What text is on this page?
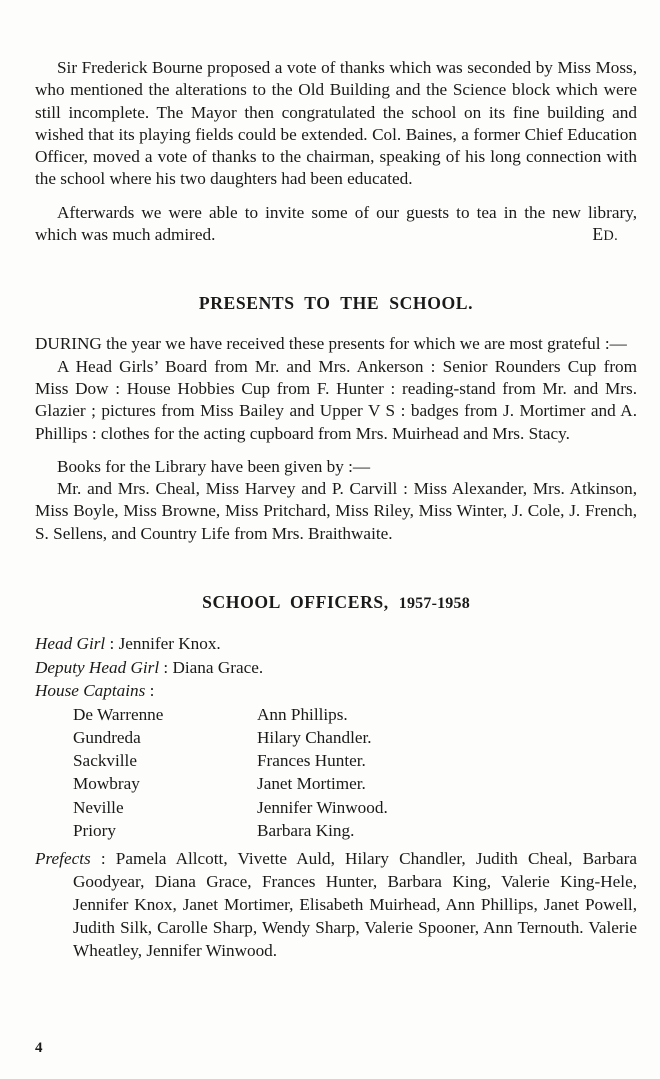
Sir Frederick Bourne proposed a vote of thanks which was seconded by Miss Moss, who mentioned the alterations to the Old Building and the Science block which were still incomplete. The Mayor then congratulated the school on its fine building and wished that its playing fields could be extended. Col. Baines, a former Chief Education Officer, moved a vote of thanks to the chairman, speaking of his long connection with the school where his two daughters had been educated.

Afterwards we were able to invite some of our guests to tea in the new library, which was much admired.	ED.
PRESENTS TO THE SCHOOL.

DURING the year we have received these presents for which we are most grateful :—

A Head Girls’ Board from Mr. and Mrs. Ankerson : Senior Rounders Cup from Miss Dow : House Hobbies Cup from F. Hunter : reading-stand from Mr. and Mrs. Glazier ; pictures from Miss Bailey and Upper V S : badges from J. Mortimer and A. Phillips : clothes for the acting cupboard from Mrs. Muirhead and Mrs. Stacy.

Books for the Library have been given by :—

Mr. and Mrs. Cheal, Miss Harvey and P. Carvill : Miss Alexander, Mrs. Atkinson, Miss Boyle, Miss Browne, Miss Pritchard, Miss Riley, Miss Winter, J. Cole, J. French, S. Sellens, and Country Life from Mrs. Braithwaite.

SCHOOL OFFICERS, 1957-1958

Head Girl : Jennifer Knox.

Deputy Head Girl : Diana Grace.

House Captains :

De Warrenne	Ann Phillips.
Gundreda	Hilary Chandler.
Sackville	Frances Hunter.
Mowbray	Janet Mortimer.
Neville	Jennifer Winwood.
Priory	Barbara King.

Prefects : Pamela Allcott, Vivette Auld, Hilary Chandler, Judith Cheal, Barbara Goodyear, Diana Grace, Frances Hunter, Barbara King, Valerie King-Hele, Jennifer Knox, Janet Mortimer, Elisabeth Muirhead, Ann Phillips, Janet Powell, Judith Silk, Carolle Sharp, Wendy Sharp, Valerie Spooner, Ann Ternouth. Valerie Wheatley, Jennifer Winwood.

4
